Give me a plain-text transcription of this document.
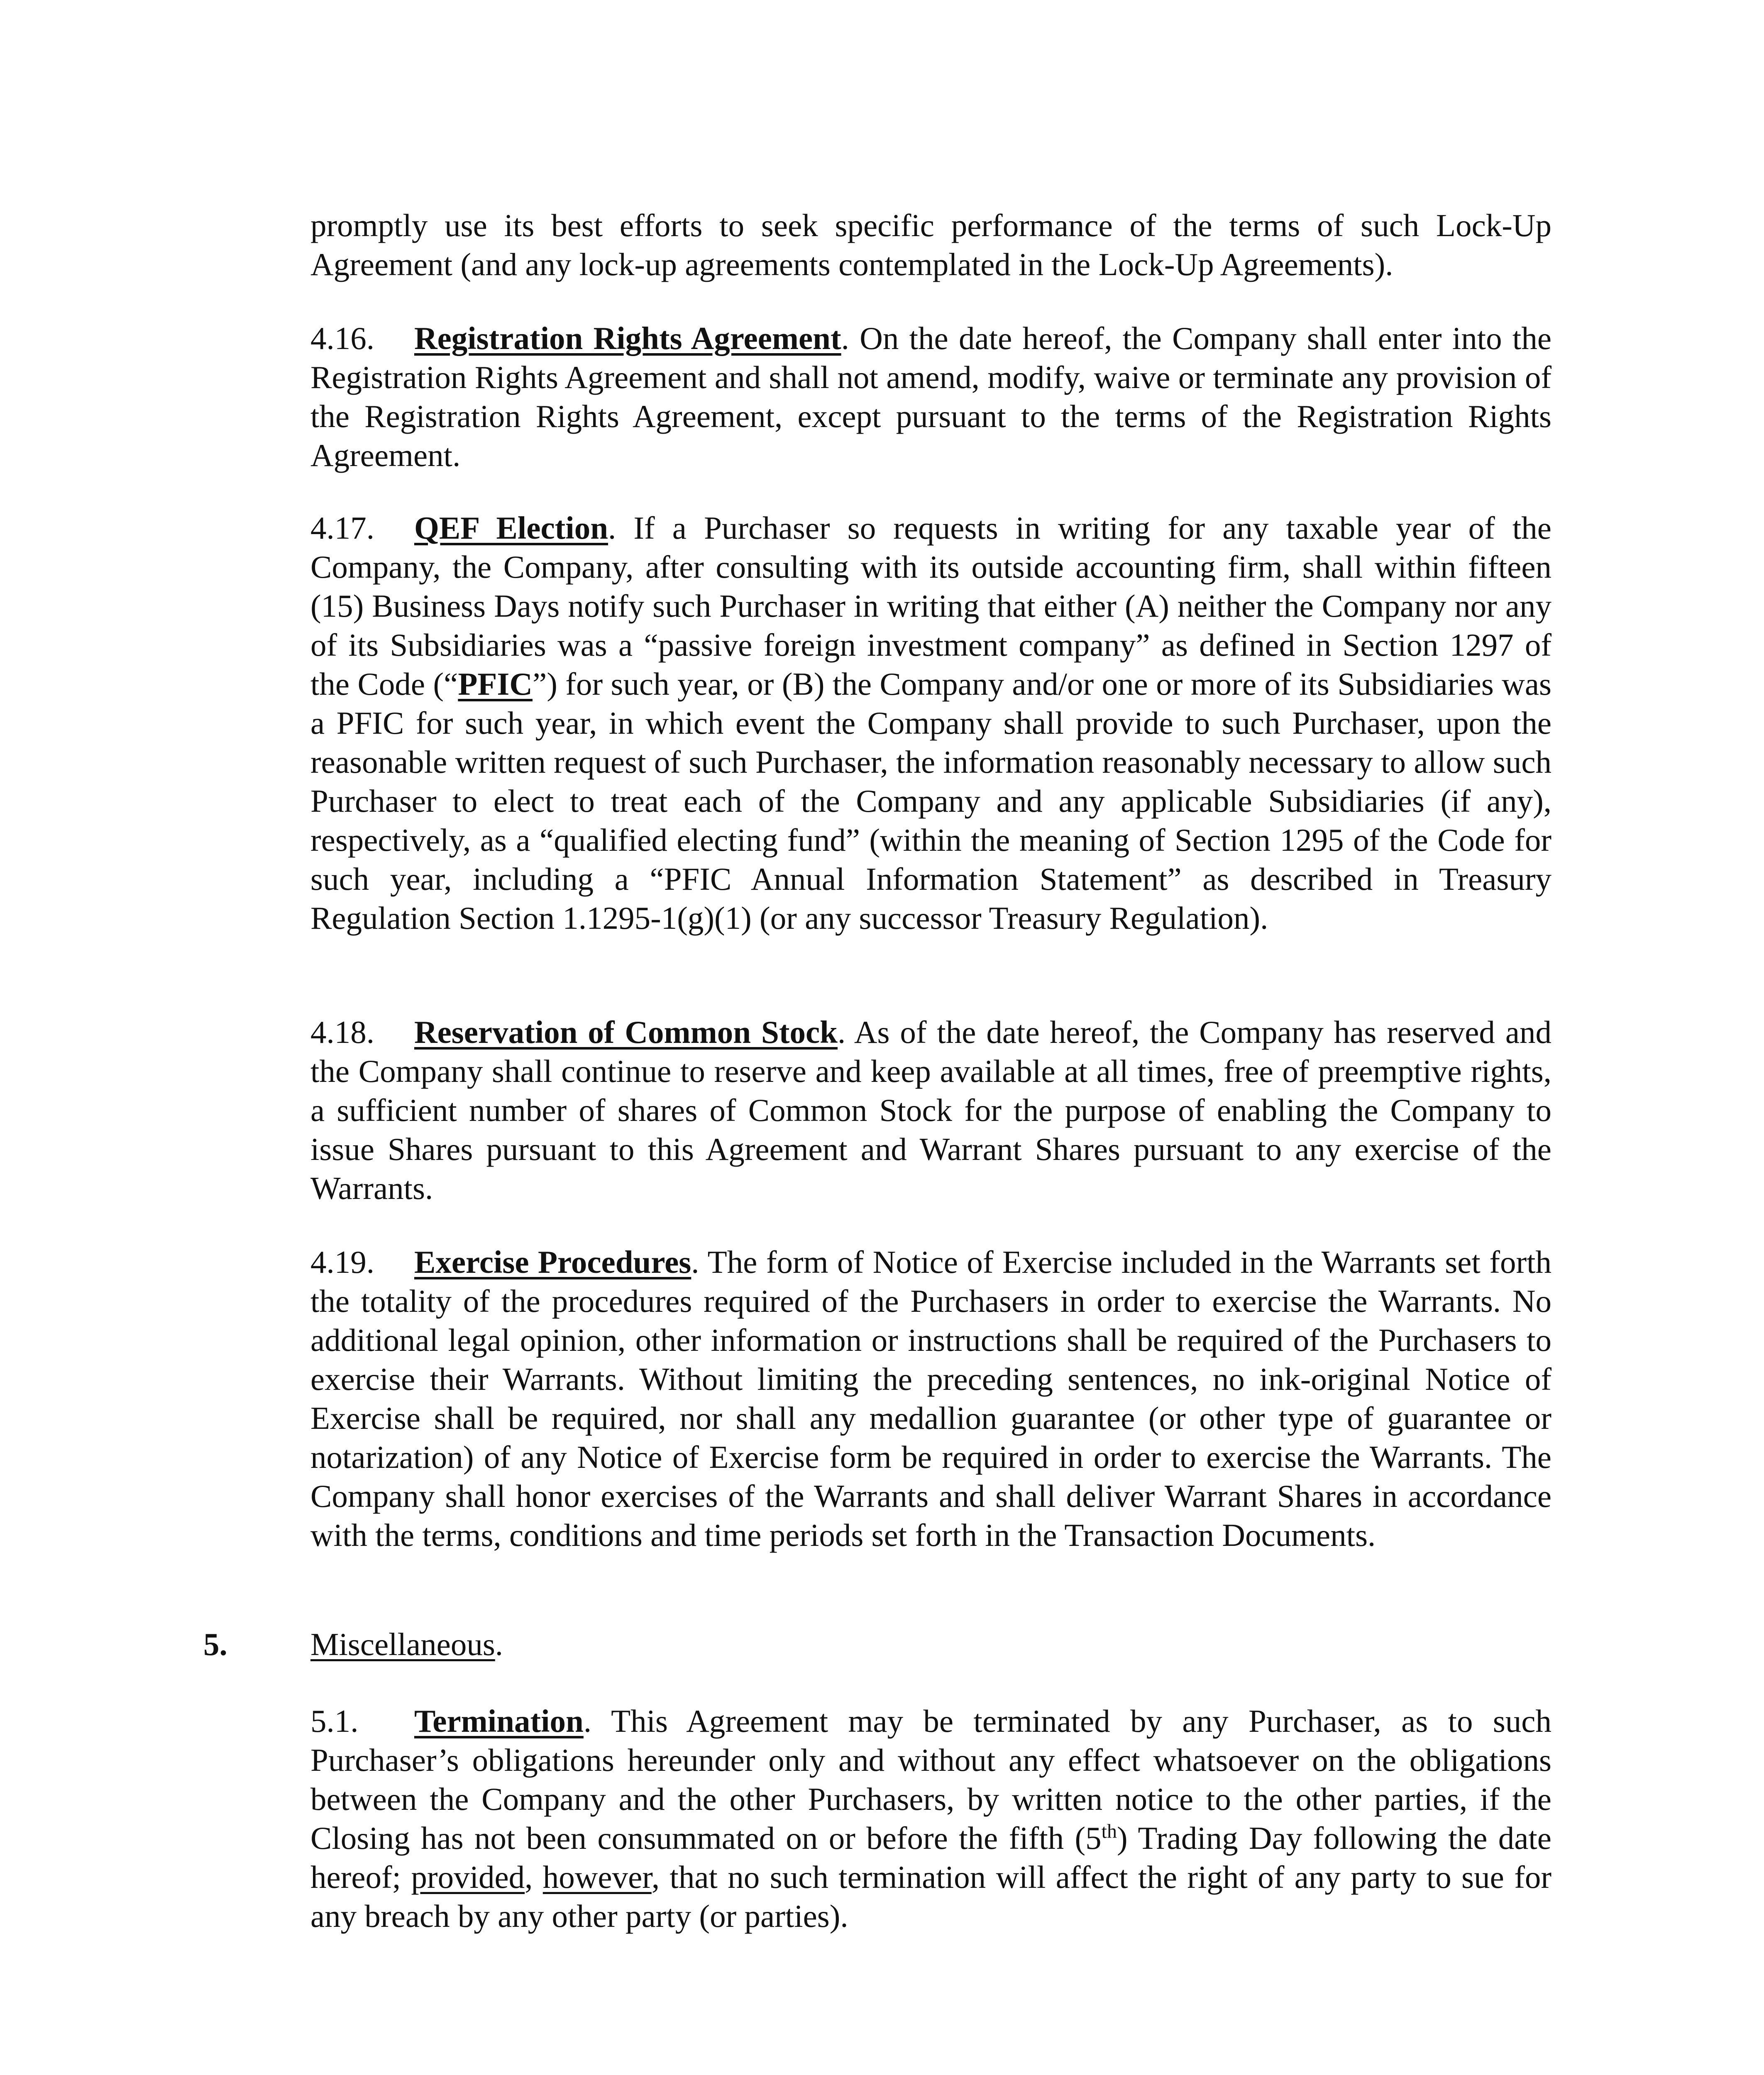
promptly use its best efforts to seek specific performance of the terms of such Lock-Up Agreement (and any lock-up agreements contemplated in the Lock-Up Agreements).

4.16. Registration Rights Agreement. On the date hereof, the Company shall enter into the Registration Rights Agreement and shall not amend, modify, waive or terminate any provision of the Registration Rights Agreement, except pursuant to the terms of the Registration Rights Agreement.

4.17. QEF Election. If a Purchaser so requests in writing for any taxable year of the Company, the Company, after consulting with its outside accounting firm, shall within fifteen (15) Business Days notify such Purchaser in writing that either (A) neither the Company nor any of its Subsidiaries was a “passive foreign investment company” as defined in Section 1297 of the Code (“PFIC”) for such year, or (B) the Company and/or one or more of its Subsidiaries was a PFIC for such year, in which event the Company shall provide to such Purchaser, upon the reasonable written request of such Purchaser, the information reasonably necessary to allow such Purchaser to elect to treat each of the Company and any applicable Subsidiaries (if any), respectively, as a “qualified electing fund” (within the meaning of Section 1295 of the Code for such year, including a “PFIC Annual Information Statement” as described in Treasury Regulation Section 1.1295-1(g)(1) (or any successor Treasury Regulation).

4.18. Reservation of Common Stock. As of the date hereof, the Company has reserved and the Company shall continue to reserve and keep available at all times, free of preemptive rights, a sufficient number of shares of Common Stock for the purpose of enabling the Company to issue Shares pursuant to this Agreement and Warrant Shares pursuant to any exercise of the Warrants.

4.19. Exercise Procedures. The form of Notice of Exercise included in the Warrants set forth the totality of the procedures required of the Purchasers in order to exercise the Warrants. No additional legal opinion, other information or instructions shall be required of the Purchasers to exercise their Warrants. Without limiting the preceding sentences, no ink-original Notice of Exercise shall be required, nor shall any medallion guarantee (or other type of guarantee or notarization) of any Notice of Exercise form be required in order to exercise the Warrants. The Company shall honor exercises of the Warrants and shall deliver Warrant Shares in accordance with the terms, conditions and time periods set forth in the Transaction Documents.

5.	Miscellaneous.

5.1. Termination. This Agreement may be terminated by any Purchaser, as to such Purchaser’s obligations hereunder only and without any effect whatsoever on the obligations between the Company and the other Purchasers, by written notice to the other parties, if the Closing has not been consummated on or before the fifth (5th) Trading Day following the date hereof; provided, however, that no such termination will affect the right of any party to sue for any breach by any other party (or parties).
